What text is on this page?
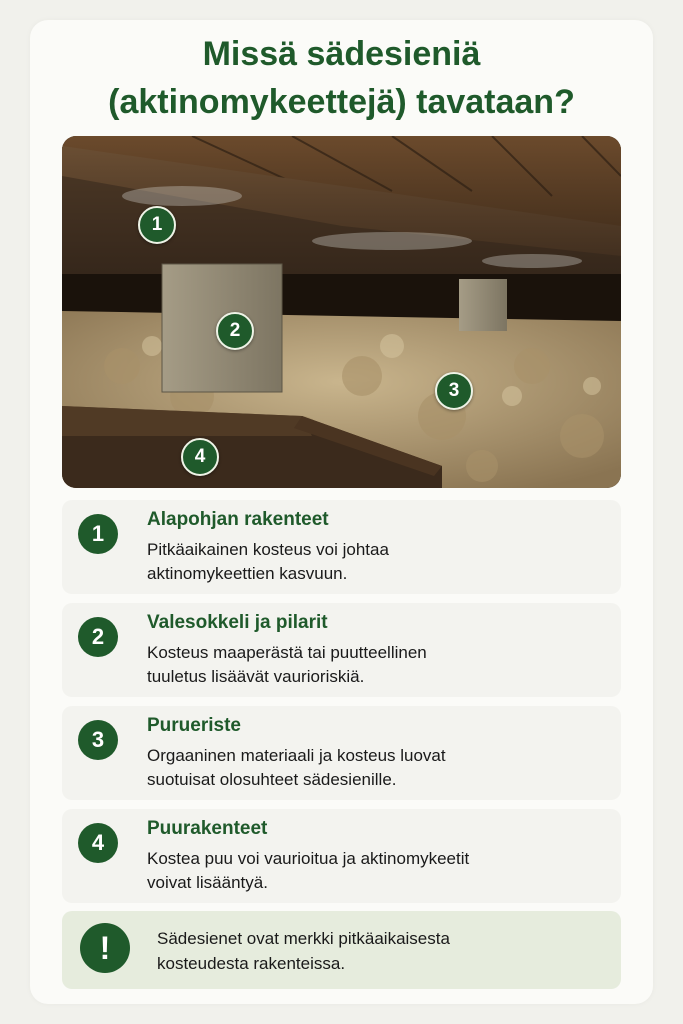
Missä sädesieniä
(aktinomykeettejä) tavataan?
1
2
3
4
1
Alapohjan rakenteet
Pitkäaikainen kosteus voi johtaa
aktinomykeettien kasvuun.
2
Valesokkeli ja pilarit
Kosteus maaperästä tai puutteellinen
tuuletus lisäävät vaurioriskiä.
3
Purueriste
Orgaaninen materiaali ja kosteus luovat
suotuisat olosuhteet sädesienille.
4
Puurakenteet
Kostea puu voi vaurioitua ja aktinomykeetit
voivat lisääntyä.
!	Sädesienet ovat merkki pitkäaikaisesta
kosteudesta rakenteissa.
